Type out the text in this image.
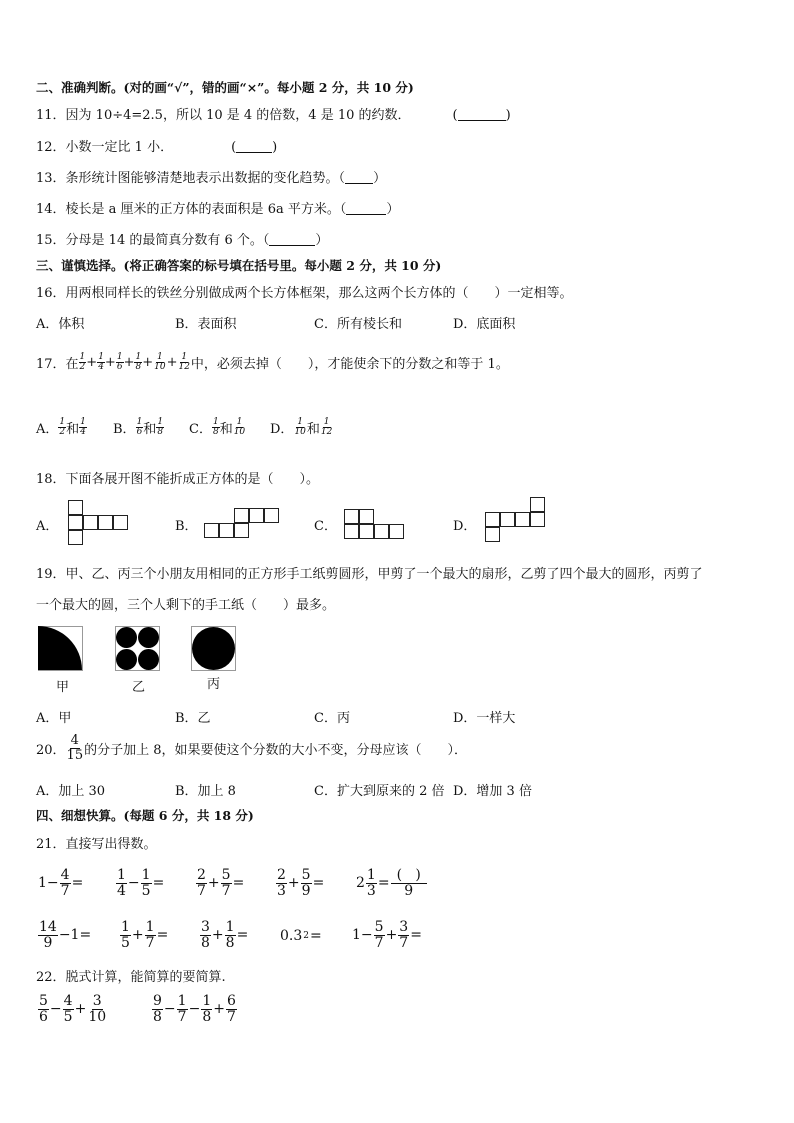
二、准确判断。(对的画“√”，错的画“×”。每小题 2 分，共 10 分)
11．因为 10÷4=2.5，所以 10 是 4 的倍数，4 是 10 的约数．	(	)
12．小数一定比 1 小．	(	)
13．条形统计图能够清楚地表示出数据的变化趋势。（ ）
14．棱长是 a 厘米的正方体的表面积是 6a 平方米。（	）
15．分母是 14 的最简真分数有 6 个。（	）
三、谨慎选择。(将正确答案的标号填在括号里。每小题 2 分，共 10 分)
16．用两根同样长的铁丝分别做成两个长方体框架，那么这两个长方体的（　　）一定相等。
A．体积	B．表面积	C．所有棱长和	D．底面积
17．在 $\frac{1}{2} + \frac{1}{4} + \frac{1}{6} + \frac{1}{8} + \frac{1}{10} + \frac{1}{12}$ 中，必须去掉（　　），才能使余下的分数之和等于 1。
A． $\frac{1}{2}$ 和 $\frac{1}{4}$ B． $\frac{1}{6}$ 和 $\frac{1}{8}$ C． $\frac{1}{8}$ 和 $\frac{1}{10}$ D． $\frac{1}{10}$ 和 $\frac{1}{12}$
18．下面各展开图不能折成正方体的是（　　）。
A．	B．	C．	D．
19．甲、乙、丙三个小朋友用相同的正方形手工纸剪圆形，甲剪了一个最大的扇形，乙剪了四个最大的圆形，丙剪了
一个最大的圆，三个人剩下的手工纸（　　）最多。
甲	乙	丙
A．甲	B．乙	C．丙	D．一样大
20． $\frac{4}{15}$ 的分子加上 8，如果要使这个分数的大小不变，分母应该（　　）．
A．加上 30	B．加上 8	C．扩大到原来的 2 倍 D．增加 3 倍
四、细想快算。(每题 6 分，共 18 分)
21．直接写出得数。
$1- \frac{4}{7} = \frac{1}{4} - \frac{1}{5} = \frac{2}{7} + \frac{5}{7} = \frac{2}{3} + \frac{5}{9} = 2 \frac{1}{3} = \frac{( )}{9}$
$\frac{14}{9} -1= \frac{1}{5} + \frac{1}{7} = \frac{3}{8} + \frac{1}{8} = 0.3$ $2 = 1- \frac{5}{7} + \frac{3}{7}$ =
22．脱式计算，能简算的要简算.
$\frac{5}{6} - \frac{4}{5} + \frac{3}{10}$	$\frac{9}{8} - \frac{1}{7} - \frac{1}{8} + \frac{6}{7}$
